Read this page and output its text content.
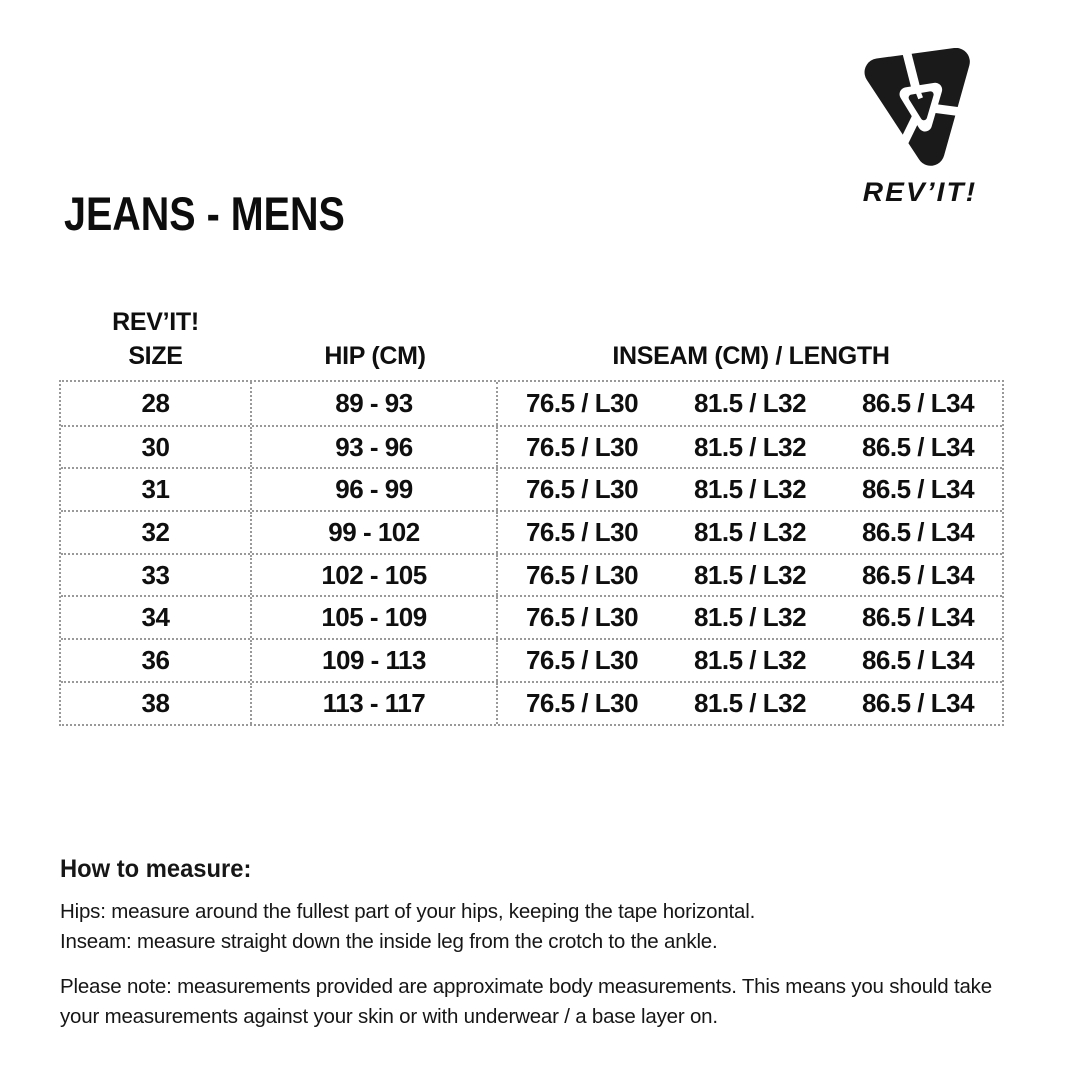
REV’IT!
JEANS - MENS
REV’IT!
SIZE	HIP (CM)	INSEAM (CM) / LENGTH
28	89 - 93	76.5 / L30	81.5 / L32	86.5 / L34
30	93 - 96	76.5 / L30	81.5 / L32	86.5 / L34
31	96 - 99	76.5 / L30	81.5 / L32	86.5 / L34
32	99 - 102	76.5 / L30	81.5 / L32	86.5 / L34
33	102 - 105	76.5 / L30	81.5 / L32	86.5 / L34
34	105 - 109	76.5 / L30	81.5 / L32	86.5 / L34
36	109 - 113	76.5 / L30	81.5 / L32	86.5 / L34
38	113 - 117	76.5 / L30	81.5 / L32	86.5 / L34
How to measure:

Hips: measure around the fullest part of your hips, keeping the tape horizontal.

Inseam: measure straight down the inside leg from the crotch to the ankle.

Please note: measurements provided are approximate body measurements. This means you should take your measurements against your skin or with underwear / a base layer on.
